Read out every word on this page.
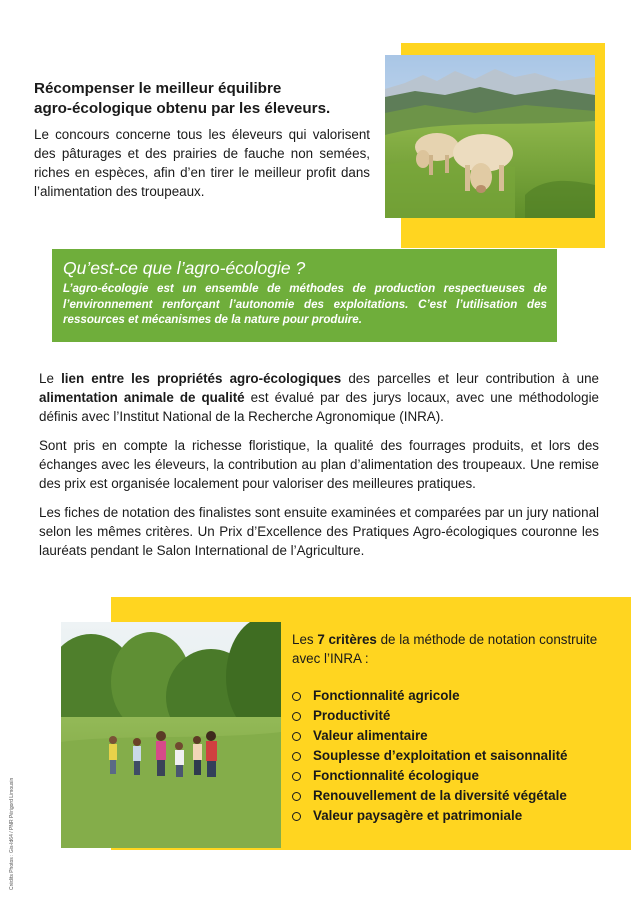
Récompenser le meilleur équilibre
agro-écologique obtenu par les éleveurs.
Le concours concerne tous les éleveurs qui valorisent des pâturages et des prairies de fauche non semées, riches en espèces, afin d’en tirer le meilleur profit dans l’alimentation des troupeaux.
Qu’est-ce que l’agro-écologie ?
L’agro-écologie est un ensemble de méthodes de production respectueuses de l’environnement renforçant l’autonomie des exploitations. C’est l’utilisation des ressources et mécanismes de la nature pour produire.
Le lien entre les propriétés agro-écologiques des parcelles et leur contribution à une alimentation animale de qualité est évalué par des jurys locaux, avec une méthodologie définis avec l’Institut National de la Recherche Agronomique (INRA).
Sont pris en compte la richesse floristique, la qualité des fourrages produits, et lors des échanges avec les éleveurs, la contribution au plan d’alimentation des troupeaux. Une remise des prix est organisée localement pour valoriser des meilleures pratiques.
Les fiches de notation des finalistes sont ensuite examinées et comparées par un jury national selon les mêmes critères. Un Prix d’Excellence des Pratiques Agro-écologiques couronne les lauréats pendant le Salon International de l’Agriculture.
Les 7 critères de la méthode de notation construite avec l’INRA :
Fonctionnalité agricole
Productivité
Valeur alimentaire
Souplesse d’exploitation et saisonnalité
Fonctionnalité écologique
Renouvellement de la diversité végétale
Valeur paysagère et patrimoniale
Crédits Photos : Gis-Id64 / PNR Périgord Limousin
